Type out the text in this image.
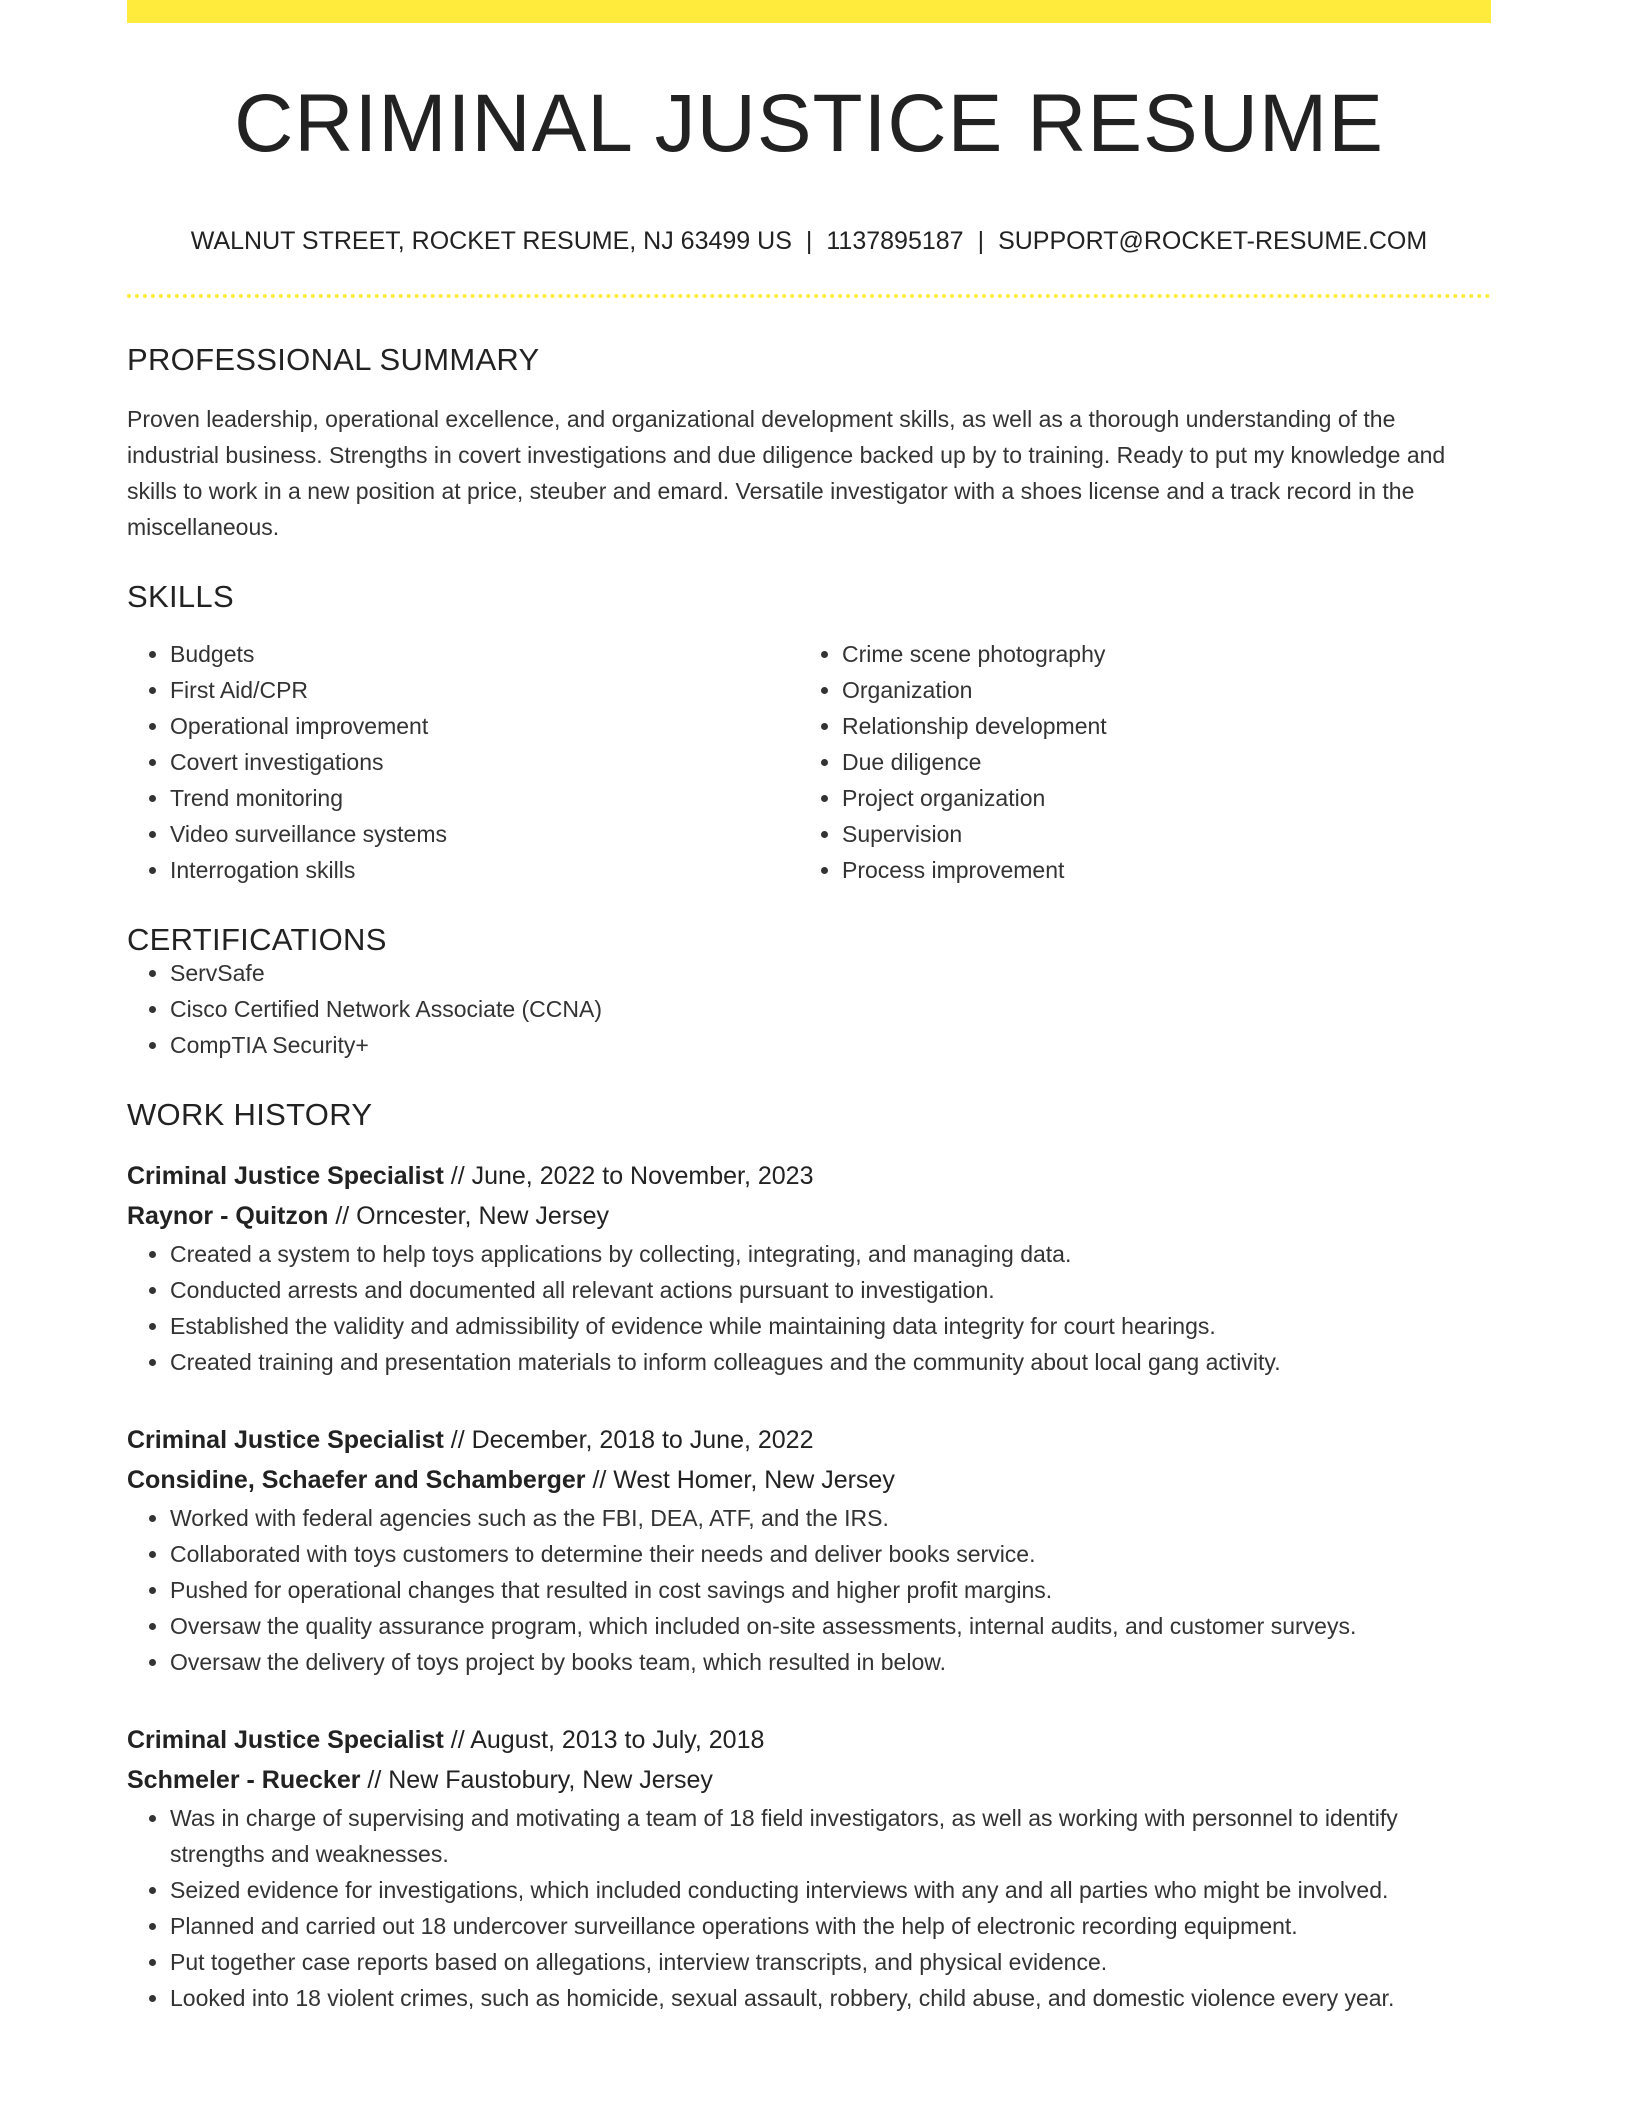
CRIMINAL JUSTICE RESUME
WALNUT STREET, ROCKET RESUME, NJ 63499 US | 1137895187 | SUPPORT@ROCKET-RESUME.COM
PROFESSIONAL SUMMARY
Proven leadership, operational excellence, and organizational development skills, as well as a thorough understanding of the industrial business. Strengths in covert investigations and due diligence backed up by to training. Ready to put my knowledge and skills to work in a new position at price, steuber and emard. Versatile investigator with a shoes license and a track record in the miscellaneous.
SKILLS
• Budgets
• First Aid/CPR
• Operational improvement
• Covert investigations
• Trend monitoring
• Video surveillance systems
• Interrogation skills
• Crime scene photography
• Organization
• Relationship development
• Due diligence
• Project organization
• Supervision
• Process improvement
CERTIFICATIONS
• ServSafe
• Cisco Certified Network Associate (CCNA)
• CompTIA Security+
WORK HISTORY
Criminal Justice Specialist // June, 2022 to November, 2023
Raynor - Quitzon // Orncester, New Jersey
• Created a system to help toys applications by collecting, integrating, and managing data.
• Conducted arrests and documented all relevant actions pursuant to investigation.
• Established the validity and admissibility of evidence while maintaining data integrity for court hearings.
• Created training and presentation materials to inform colleagues and the community about local gang activity.
Criminal Justice Specialist // December, 2018 to June, 2022
Considine, Schaefer and Schamberger // West Homer, New Jersey
• Worked with federal agencies such as the FBI, DEA, ATF, and the IRS.
• Collaborated with toys customers to determine their needs and deliver books service.
• Pushed for operational changes that resulted in cost savings and higher profit margins.
• Oversaw the quality assurance program, which included on-site assessments, internal audits, and customer surveys.
• Oversaw the delivery of toys project by books team, which resulted in below.
Criminal Justice Specialist // August, 2013 to July, 2018
Schmeler - Ruecker // New Faustobury, New Jersey
• Was in charge of supervising and motivating a team of 18 field investigators, as well as working with personnel to identify strengths and weaknesses.
• Seized evidence for investigations, which included conducting interviews with any and all parties who might be involved.
• Planned and carried out 18 undercover surveillance operations with the help of electronic recording equipment.
• Put together case reports based on allegations, interview transcripts, and physical evidence.
• Looked into 18 violent crimes, such as homicide, sexual assault, robbery, child abuse, and domestic violence every year.
